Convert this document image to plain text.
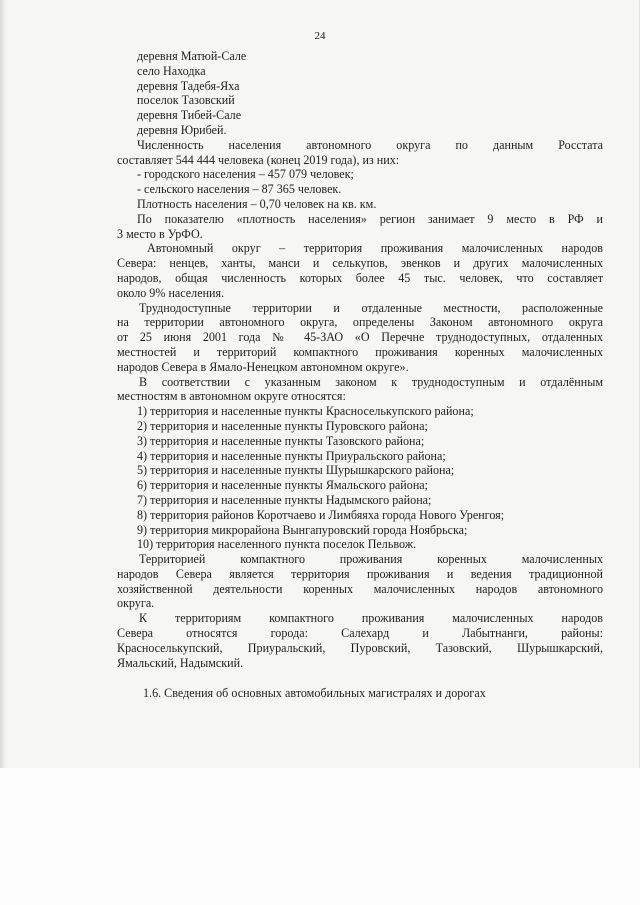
24
деревня Матюй-Сале
село Находка
деревня Тадебя-Яха
поселок Тазовский
деревня Тибей-Сале
деревня Юрибей.
Численность населения автономного округа по данным Росстата
составляет 544 444 человека (конец 2019 года), из них:
- городского населения – 457 079 человек;
- сельского населения – 87 365 человек.
Плотность населения – 0,70 человек на кв. км.
По показателю «плотность населения» регион занимает 9 место в РФ и
3 место в УрФО.
Автономный округ – территория проживания малочисленных народов
Севера: ненцев, ханты, манси и селькупов, эвенков и других малочисленных
народов, общая численность которых более 45 тыс. человек, что составляет
около 9% населения.
Труднодоступные территории и отдаленные местности, расположенные
на территории автономного округа, определены Законом автономного округа
от 25 июня 2001 года № 45-ЗАО «О Перечне труднодоступных, отдаленных
местностей и территорий компактного проживания коренных малочисленных
народов Севера в Ямало-Ненецком автономном округе».
В соответствии с указанным законом к труднодоступным и отдалённым
местностям в автономном округе относятся:
1) территория и населенные пункты Красноселькупского района;
2) территория и населенные пункты Пуровского района;
3) территория и населенные пункты Тазовского района;
4) территория и населенные пункты Приуральского района;
5) территория и населенные пункты Шурышкарского района;
6) территория и населенные пункты Ямальского района;
7) территория и населенные пункты Надымского района;
8) территория районов Коротчаево и Лимбяяха города Нового Уренгоя;
9) территория микрорайона Вынгапуровский города Ноябрьска;
10) территория населенного пункта поселок Пельвож.
Территорией компактного проживания коренных малочисленных
народов Севера является территория проживания и ведения традиционной
хозяйственной деятельности коренных малочисленных народов автономного
округа.
К территориям компактного проживания малочисленных народов
Севера относятся города: Салехард и Лабытнанги, районы:
Красноселькупский, Приуральский, Пуровский, Тазовский, Шурышкарский,
Ямальский, Надымский.
1.6. Сведения об основных автомобильных магистралях и дорогах
